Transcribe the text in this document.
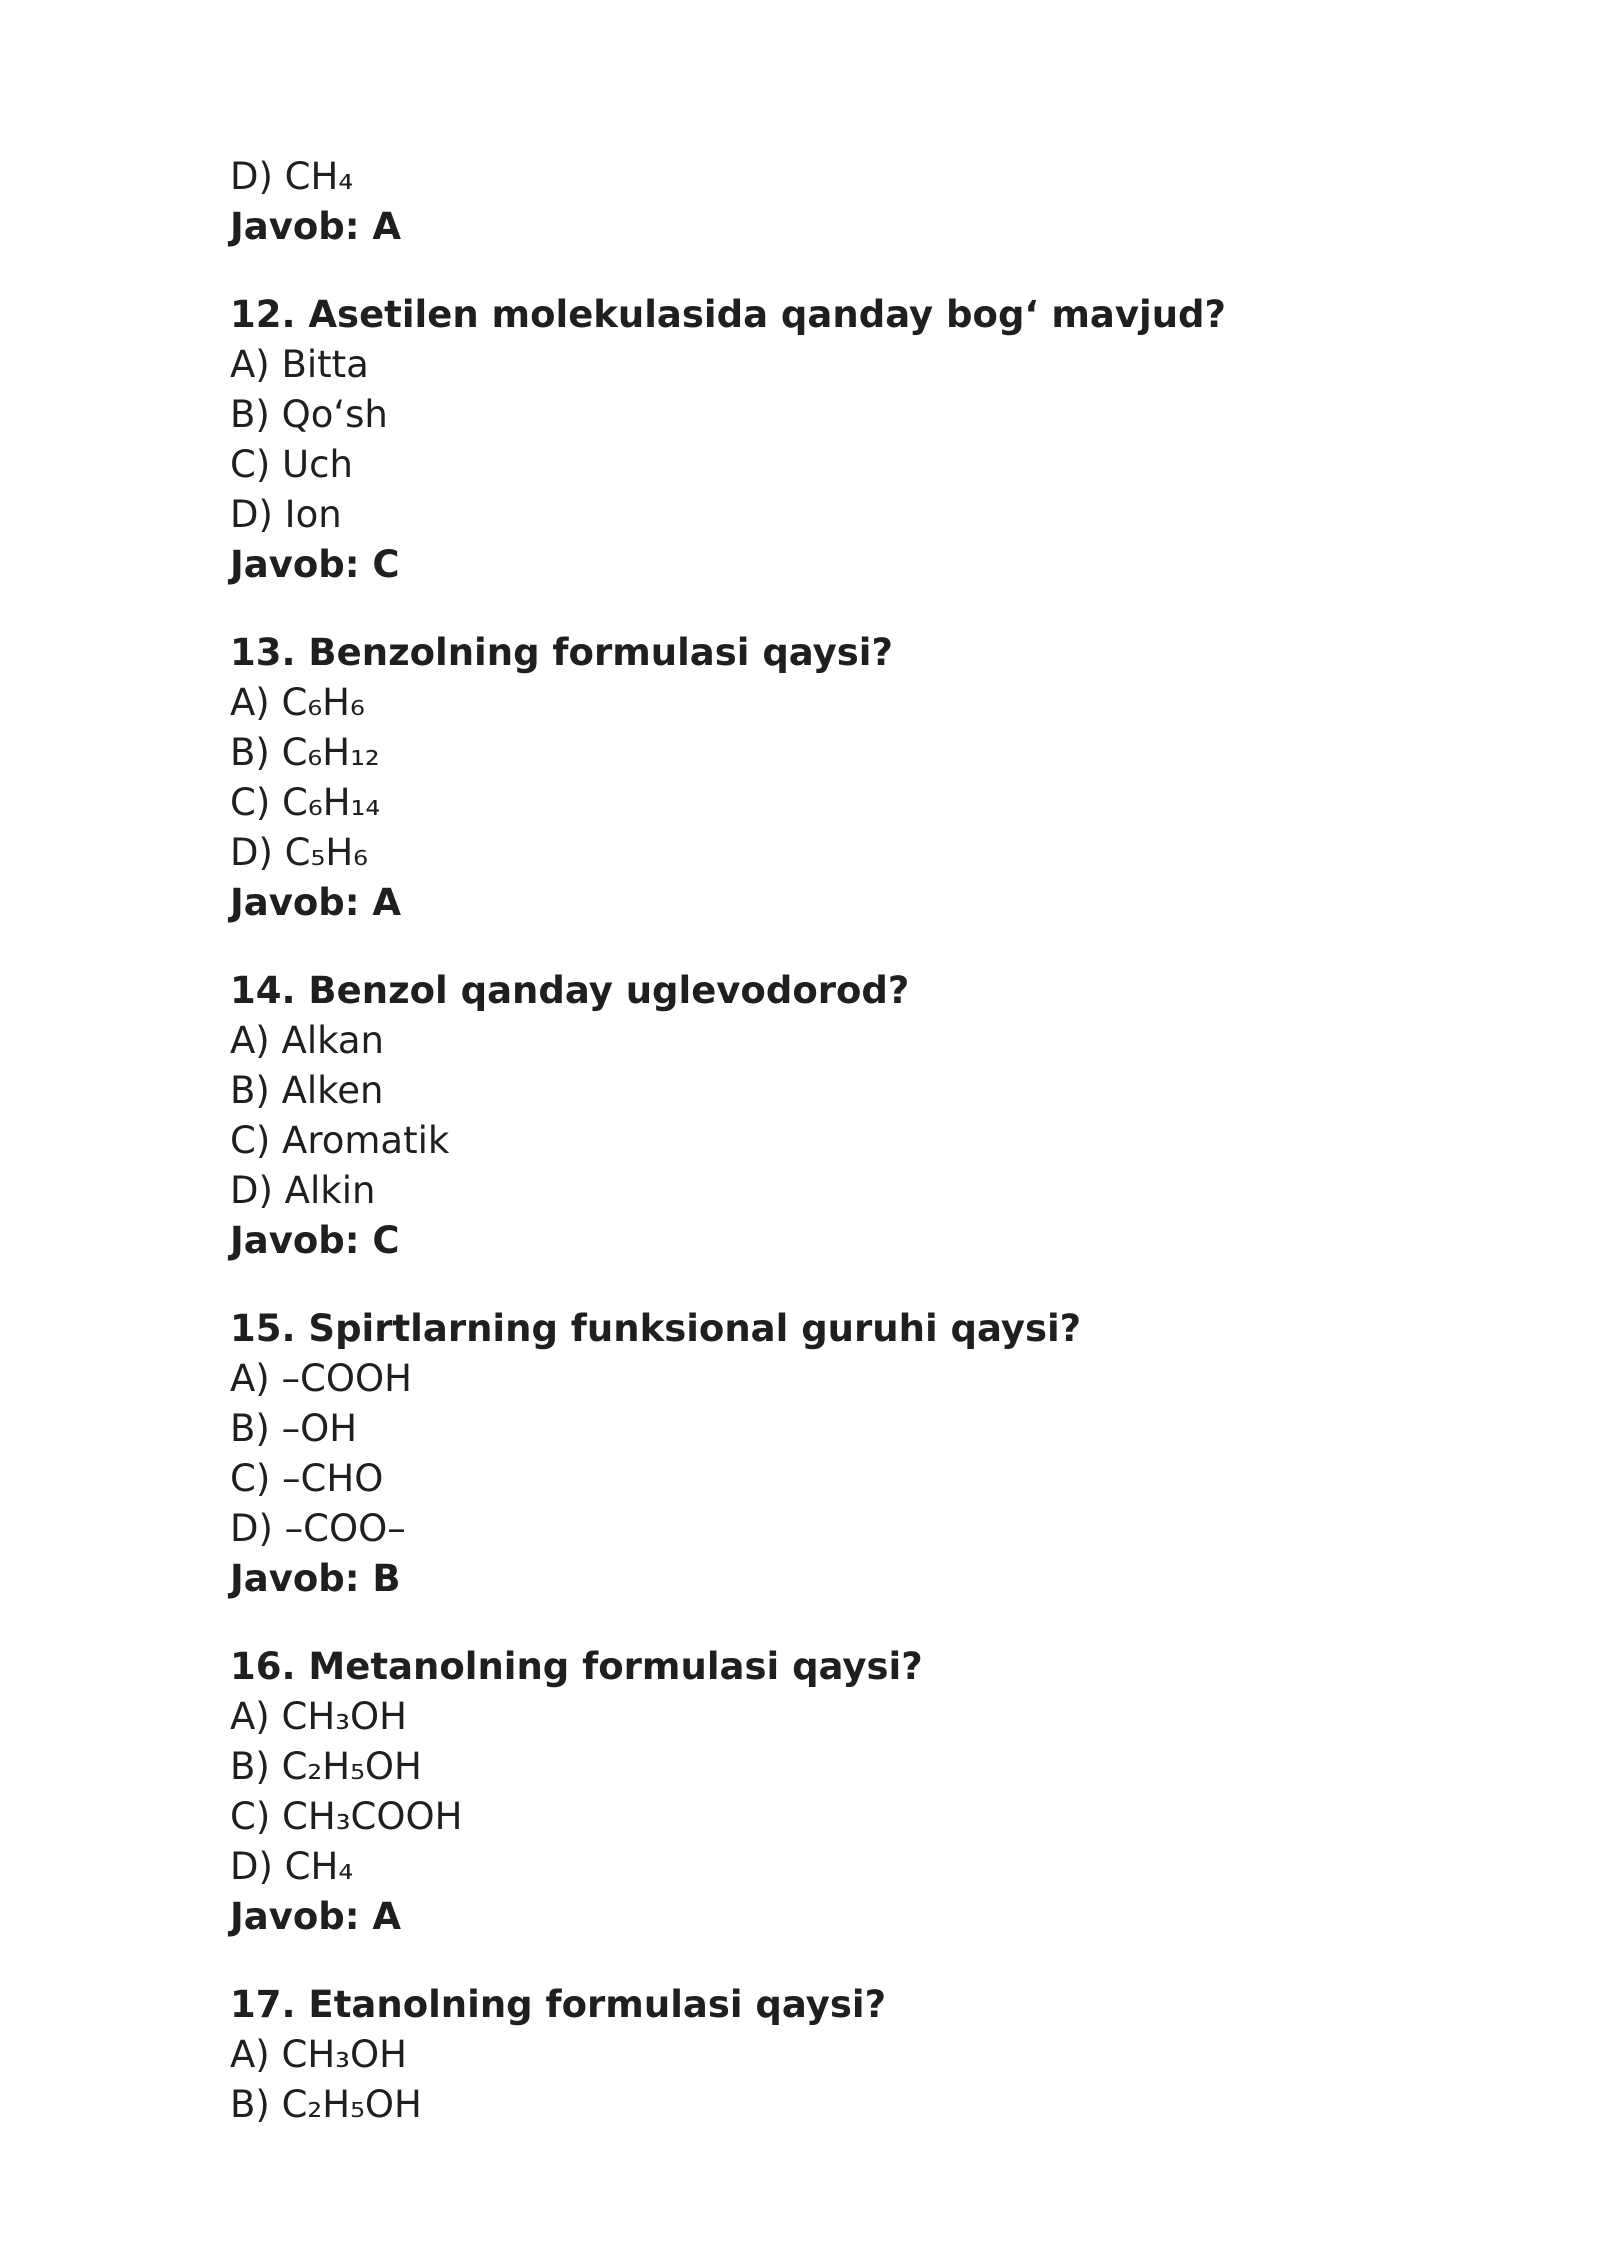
D) CH₄
Javob: A
12. Asetilen molekulasida qanday bog‘ mavjud?
A) Bitta
B) Qo‘sh
C) Uch
D) Ion
Javob: C
13. Benzolning formulasi qaysi?
A) C₆H₆
B) C₆H₁₂
C) C₆H₁₄
D) C₅H₆
Javob: A
14. Benzol qanday uglevodorod?
A) Alkan
B) Alken
C) Aromatik
D) Alkin
Javob: C
15. Spirtlarning funksional guruhi qaysi?
A) –COOH
B) –OH
C) –CHO
D) –COO–
Javob: B
16. Metanolning formulasi qaysi?
A) CH₃OH
B) C₂H₅OH
C) CH₃COOH
D) CH₄
Javob: A
17. Etanolning formulasi qaysi?
A) CH₃OH
B) C₂H₅OH
